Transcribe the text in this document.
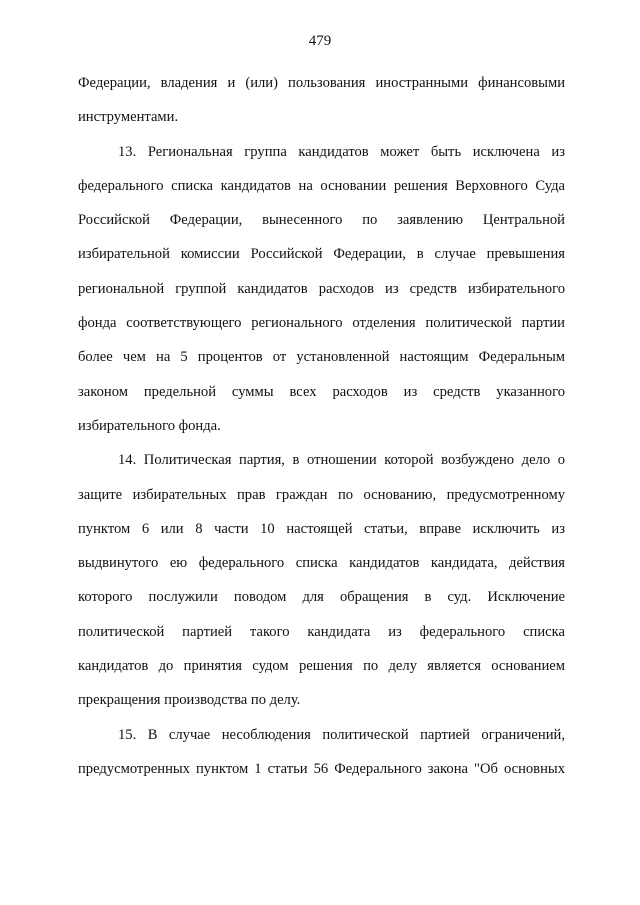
479
Федерации, владения и (или) пользования иностранными финансовыми
инструментами.
13. Региональная группа кандидатов может быть исключена из
федерального списка кандидатов на основании решения Верховного Суда
Российской Федерации, вынесенного по заявлению Центральной
избирательной комиссии Российской Федерации, в случае превышения
региональной группой кандидатов расходов из средств избирательного
фонда соответствующего регионального отделения политической партии
более чем на 5 процентов от установленной настоящим Федеральным
законом предельной суммы всех расходов из средств указанного
избирательного фонда.
14. Политическая партия, в отношении которой возбуждено дело о
защите избирательных прав граждан по основанию, предусмотренному
пунктом 6 или 8 части 10 настоящей статьи, вправе исключить из
выдвинутого ею федерального списка кандидатов кандидата, действия
которого послужили поводом для обращения в суд. Исключение
политической партией такого кандидата из федерального списка
кандидатов до принятия судом решения по делу является основанием
прекращения производства по делу.
15. В случае несоблюдения политической партией ограничений,
предусмотренных пунктом 1 статьи 56 Федерального закона "Об основных
